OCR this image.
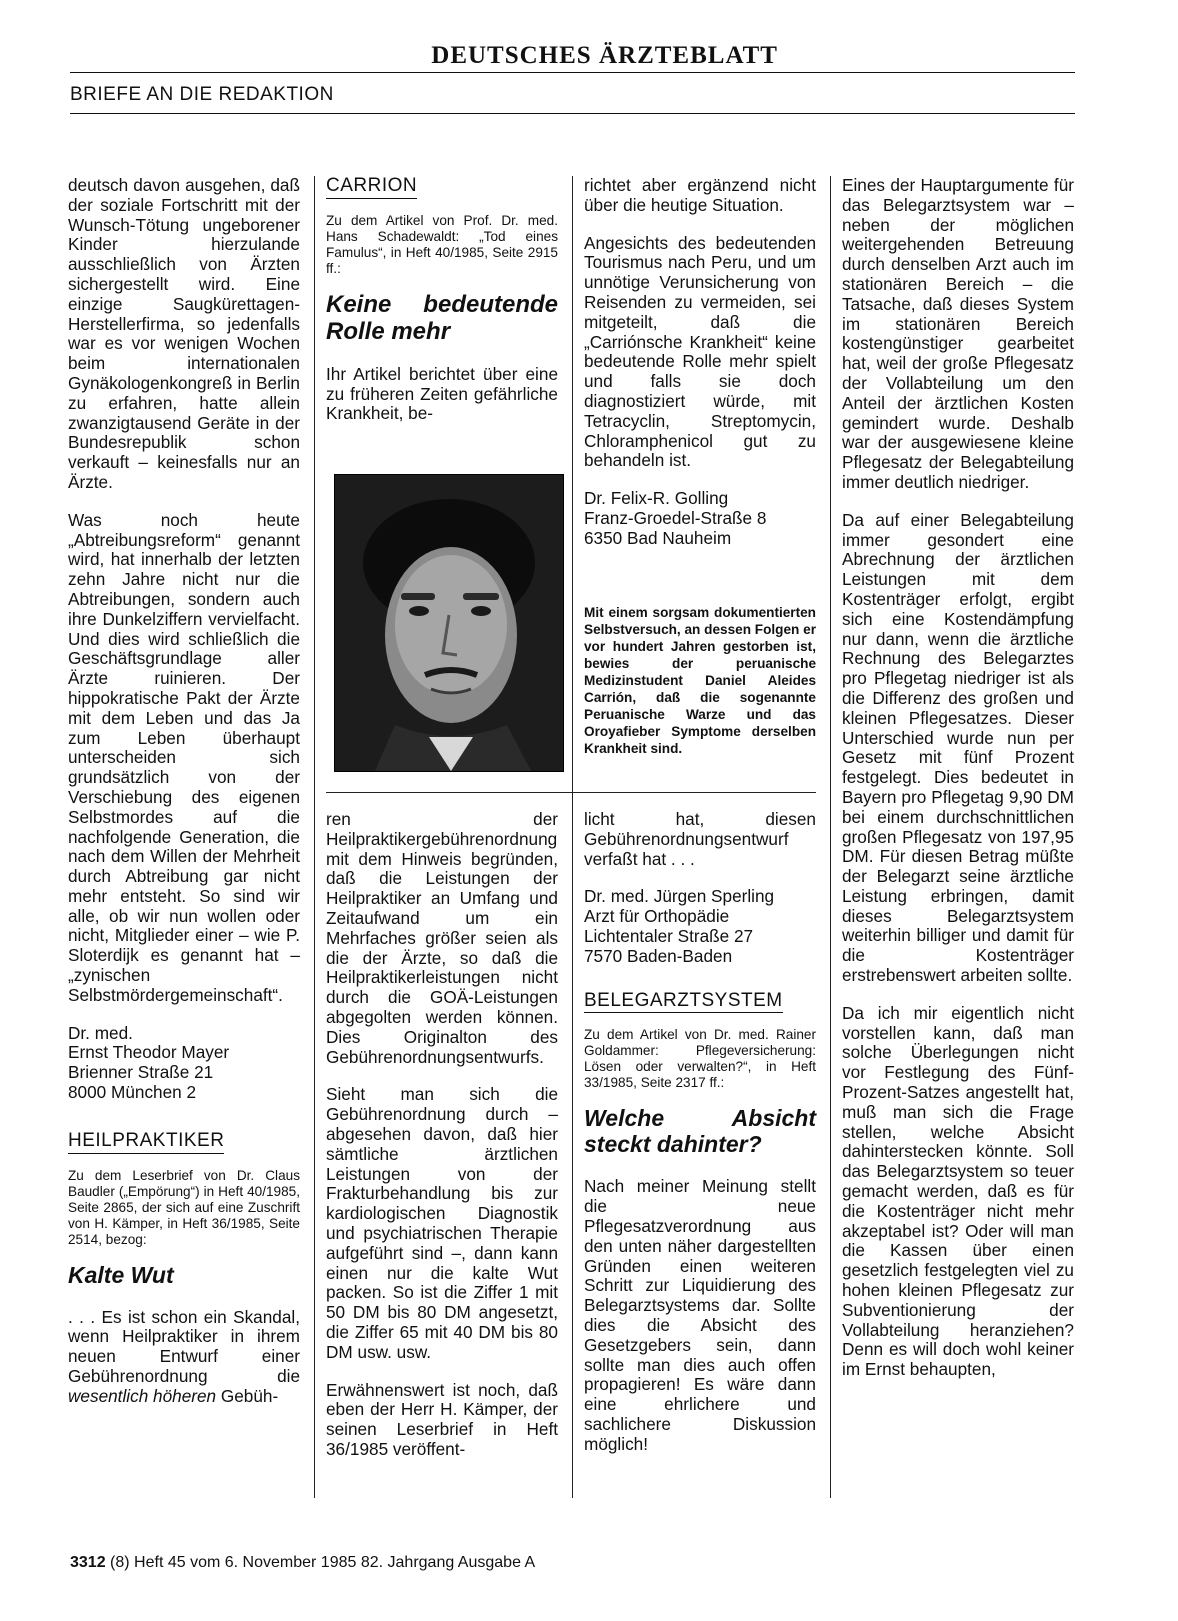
DEUTSCHES ÄRZTEBLATT
BRIEFE AN DIE REDAKTION

deutsch davon ausgehen, daß der soziale Fortschritt mit der Wunsch-Tötung ungeborener Kinder hierzulande ausschließlich von Ärzten sichergestellt wird. Eine einzige Saugkürettagen-Herstellerfirma, so jedenfalls war es vor wenigen Wochen beim internationalen Gynäkologenkongreß in Berlin zu erfahren, hatte allein zwanzigtausend Geräte in der Bundesrepublik schon verkauft – keinesfalls nur an Ärzte.

Was noch heute „Abtreibungsreform“ genannt wird, hat innerhalb der letzten zehn Jahre nicht nur die Abtreibungen, sondern auch ihre Dunkelziffern vervielfacht. Und dies wird schließlich die Geschäftsgrundlage aller Ärzte ruinieren. Der hippokratische Pakt der Ärzte mit dem Leben und das Ja zum Leben überhaupt unterscheiden sich grundsätzlich von der Verschiebung des eigenen Selbstmordes auf die nachfolgende Generation, die nach dem Willen der Mehrheit durch Abtreibung gar nicht mehr entsteht. So sind wir alle, ob wir nun wollen oder nicht, Mitglieder einer – wie P. Sloterdijk es genannt hat – „zynischen Selbstmördergemeinschaft“.

Dr. med.
Ernst Theodor Mayer
Brienner Straße 21
8000 München 2
HEILPRAKTIKER
Zu dem Leserbrief von Dr. Claus Baudler („Empörung“) in Heft 40/1985, Seite 2865, der sich auf eine Zuschrift von H. Kämper, in Heft 36/1985, Seite 2514, bezog:
Kalte Wut

. . . Es ist schon ein Skandal, wenn Heilpraktiker in ihrem neuen Entwurf einer Gebührenordnung die wesentlich höheren Gebüh-

CARRION
Zu dem Artikel von Prof. Dr. med. Hans Schadewaldt: „Tod eines Famulus“, in Heft 40/1985, Seite 2915 ff.:
Keine bedeutende Rolle mehr

Ihr Artikel berichtet über eine zu früheren Zeiten gefährliche Krankheit, be-

ren der Heilpraktikergebührenordnung mit dem Hinweis begründen, daß die Leistungen der Heilpraktiker an Umfang und Zeitaufwand um ein Mehrfaches größer seien als die der Ärzte, so daß die Heilpraktikerleistungen nicht durch die GOÄ-Leistungen abgegolten werden können. Dies Originalton des Gebührenordnungsentwurfs.

Sieht man sich die Gebührenordnung durch – abgesehen davon, daß hier sämtliche ärztlichen Leistungen von der Frakturbehandlung bis zur kardiologischen Diagnostik und psychiatrischen Therapie aufgeführt sind –, dann kann einen nur die kalte Wut packen. So ist die Ziffer 1 mit 50 DM bis 80 DM angesetzt, die Ziffer 65 mit 40 DM bis 80 DM usw. usw.

Erwähnenswert ist noch, daß eben der Herr H. Kämper, der seinen Leserbrief in Heft 36/1985 veröffent-

richtet aber ergänzend nicht über die heutige Situation.

Angesichts des bedeutenden Tourismus nach Peru, und um unnötige Verunsicherung von Reisenden zu vermeiden, sei mitgeteilt, daß die „Carriónsche Krankheit“ keine bedeutende Rolle mehr spielt und falls sie doch diagnostiziert würde, mit Tetracyclin, Streptomycin, Chloramphenicol gut zu behandeln ist.

Dr. Felix-R. Golling
Franz-Groedel-Straße 8
6350 Bad Nauheim
Mit einem sorgsam dokumentierten Selbstversuch, an dessen Folgen er vor hundert Jahren gestorben ist, bewies der peruanische Medizinstudent Daniel Aleides Carrión, daß die sogenannte Peruanische Warze und das Oroyafieber Symptome derselben Krankheit sind.

licht hat, diesen Gebührenordnungsentwurf verfaßt hat . . .

Dr. med. Jürgen Sperling
Arzt für Orthopädie
Lichtentaler Straße 27
7570 Baden-Baden
BELEGARZTSYSTEM
Zu dem Artikel von Dr. med. Rainer Goldammer: Pflegeversicherung: Lösen oder verwalten?“, in Heft 33/1985, Seite 2317 ff.:
Welche Absicht steckt dahinter?

Nach meiner Meinung stellt die neue Pflegesatzverordnung aus den unten näher dargestellten Gründen einen weiteren Schritt zur Liquidierung des Belegarztsystems dar. Sollte dies die Absicht des Gesetzgebers sein, dann sollte man dies auch offen propagieren! Es wäre dann eine ehrlichere und sachlichere Diskussion möglich!

Eines der Hauptargumente für das Belegarztsystem war – neben der möglichen weitergehenden Betreuung durch denselben Arzt auch im stationären Bereich – die Tatsache, daß dieses System im stationären Bereich kostengünstiger gearbeitet hat, weil der große Pflegesatz der Vollabteilung um den Anteil der ärztlichen Kosten gemindert wurde. Deshalb war der ausgewiesene kleine Pflegesatz der Belegabteilung immer deutlich niedriger.

Da auf einer Belegabteilung immer gesondert eine Abrechnung der ärztlichen Leistungen mit dem Kostenträger erfolgt, ergibt sich eine Kostendämpfung nur dann, wenn die ärztliche Rechnung des Belegarztes pro Pflegetag niedriger ist als die Differenz des großen und kleinen Pflegesatzes. Dieser Unterschied wurde nun per Gesetz mit fünf Prozent festgelegt. Dies bedeutet in Bayern pro Pflegetag 9,90 DM bei einem durchschnittlichen großen Pflegesatz von 197,95 DM. Für diesen Betrag müßte der Belegarzt seine ärztliche Leistung erbringen, damit dieses Belegarztsystem weiterhin billiger und damit für die Kostenträger erstrebenswert arbeiten sollte.

Da ich mir eigentlich nicht vorstellen kann, daß man solche Überlegungen nicht vor Festlegung des Fünf-Prozent-Satzes angestellt hat, muß man sich die Frage stellen, welche Absicht dahinterstecken könnte. Soll das Belegarztsystem so teuer gemacht werden, daß es für die Kostenträger nicht mehr akzeptabel ist? Oder will man die Kassen über einen gesetzlich festgelegten viel zu hohen kleinen Pflegesatz zur Subventionierung der Vollabteilung heranziehen? Denn es will doch wohl keiner im Ernst behaupten,

3312 (8) Heft 45 vom 6. November 1985 82. Jahrgang Ausgabe A
